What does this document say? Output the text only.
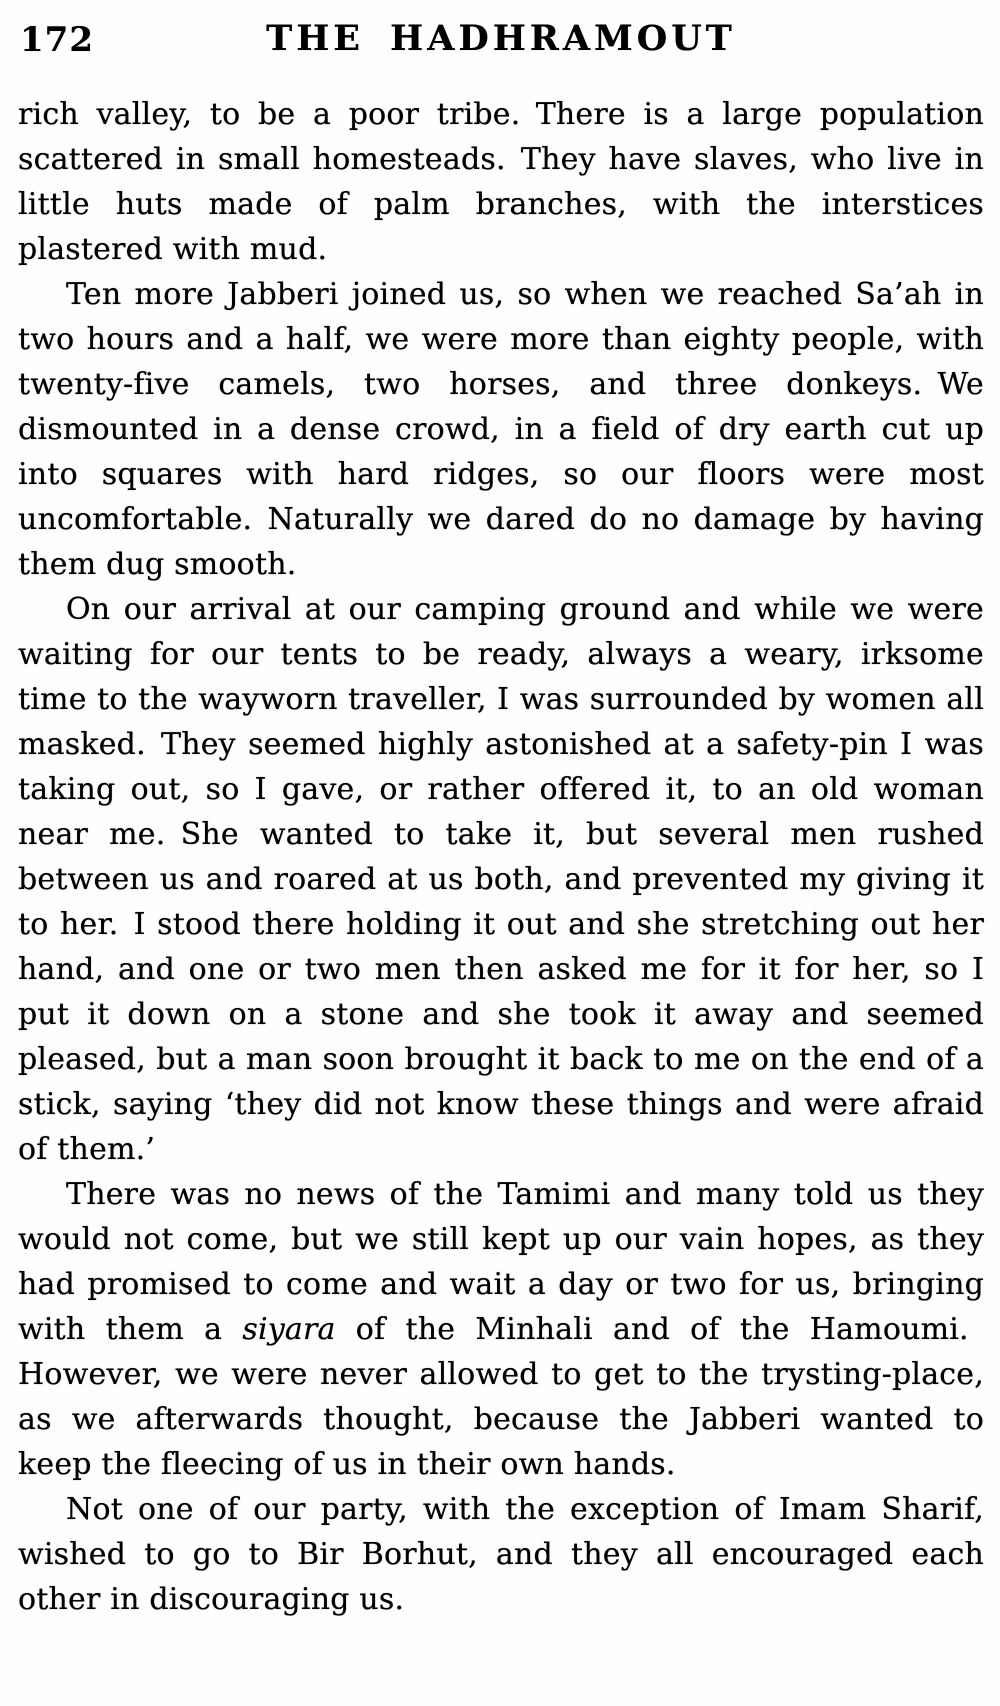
172	THE HADHRAMOUT

rich valley, to be a poor tribe. There is a large population scattered in small homesteads. They have slaves, who live in little huts made of palm branches, with the interstices plastered with mud.

Ten more Jabberi joined us, so when we reached Sa’ah in two hours and a half, we were more than eighty people, with twenty-five camels, two horses, and three donkeys. We dismounted in a dense crowd, in a field of dry earth cut up into squares with hard ridges, so our floors were most uncomfortable. Naturally we dared do no damage by having them dug smooth.

On our arrival at our camping ground and while we were waiting for our tents to be ready, always a weary, irksome time to the wayworn traveller, I was surrounded by women all masked. They seemed highly astonished at a safety-pin I was taking out, so I gave, or rather offered it, to an old woman near me. She wanted to take it, but several men rushed between us and roared at us both, and prevented my giving it to her. I stood there holding it out and she stretching out her hand, and one or two men then asked me for it for her, so I put it down on a stone and she took it away and seemed pleased, but a man soon brought it back to me on the end of a stick, saying ‘they did not know these things and were afraid of them.’

There was no news of the Tamimi and many told us they would not come, but we still kept up our vain hopes, as they had promised to come and wait a day or two for us, bringing with them a siyara of the Minhali and of the Hamoumi. However, we were never allowed to get to the trysting-place, as we afterwards thought, because the Jabberi wanted to keep the fleecing of us in their own hands.

Not one of our party, with the exception of Imam Sharif, wished to go to Bir Borhut, and they all encouraged each other in discouraging us.
